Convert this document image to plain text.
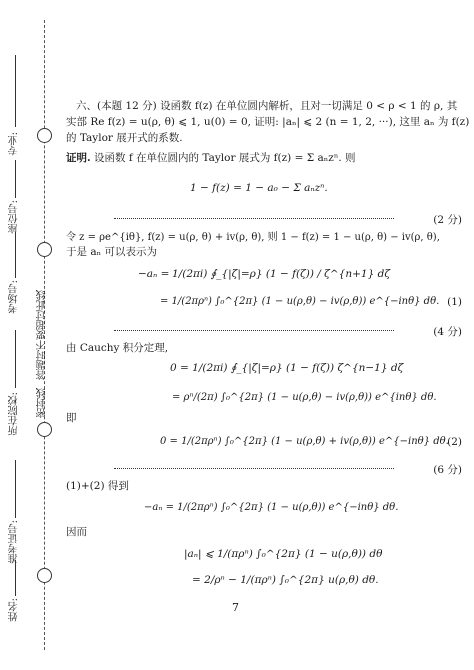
专业:
座位号:
考场号: 答题时不要超过此线
密封线
所在院校:
准考证号:
姓名:
六、(本题 12 分) 设函数 f(z) 在单位圆内解析，且对一切满足 0 < ρ < 1 的 ρ, 其
实部 Re f(z) = u(ρ, θ) ⩽ 1, u(0) = 0, 证明: |aₙ| ⩽ 2 (n = 1, 2, ···), 这里 aₙ 为 f(z)
的 Taylor 展开式的系数.
证明. 设函数 f 在单位圆内的 Taylor 展式为 f(z) = Σ aₙzⁿ. 则
1 − f(z) = 1 − a₀ − Σ aₙzⁿ.
(2 分)
令 z = ρe^{iθ}, f(z) = u(ρ, θ) + iv(ρ, θ), 则 1 − f(z) = 1 − u(ρ, θ) − iv(ρ, θ),
于是 aₙ 可以表示为
−aₙ = 1/(2πi) ∮_{|ζ|=ρ} (1 − f(ζ)) / ζ^{n+1} dζ
= 1/(2πρⁿ) ∫₀^{2π} (1 − u(ρ,θ) − iv(ρ,θ)) e^{−inθ} dθ. (1)
(4 分)
由 Cauchy 积分定理,
0 = 1/(2πi) ∮_{|ζ|=ρ} (1 − f(ζ)) ζ^{n−1} dζ
= ρⁿ/(2π) ∫₀^{2π} (1 − u(ρ,θ) − iv(ρ,θ)) e^{inθ} dθ.
即
0 = 1/(2πρⁿ) ∫₀^{2π} (1 − u(ρ,θ) + iv(ρ,θ)) e^{−inθ} dθ.
(2)
(6 分)
(1)+(2) 得到
−aₙ = 1/(2πρⁿ) ∫₀^{2π} (1 − u(ρ,θ)) e^{−inθ} dθ.
因而
|aₙ| ⩽ 1/(πρⁿ) ∫₀^{2π} (1 − u(ρ,θ)) dθ
= 2/ρⁿ − 1/(πρⁿ) ∫₀^{2π} u(ρ,θ) dθ.
7
